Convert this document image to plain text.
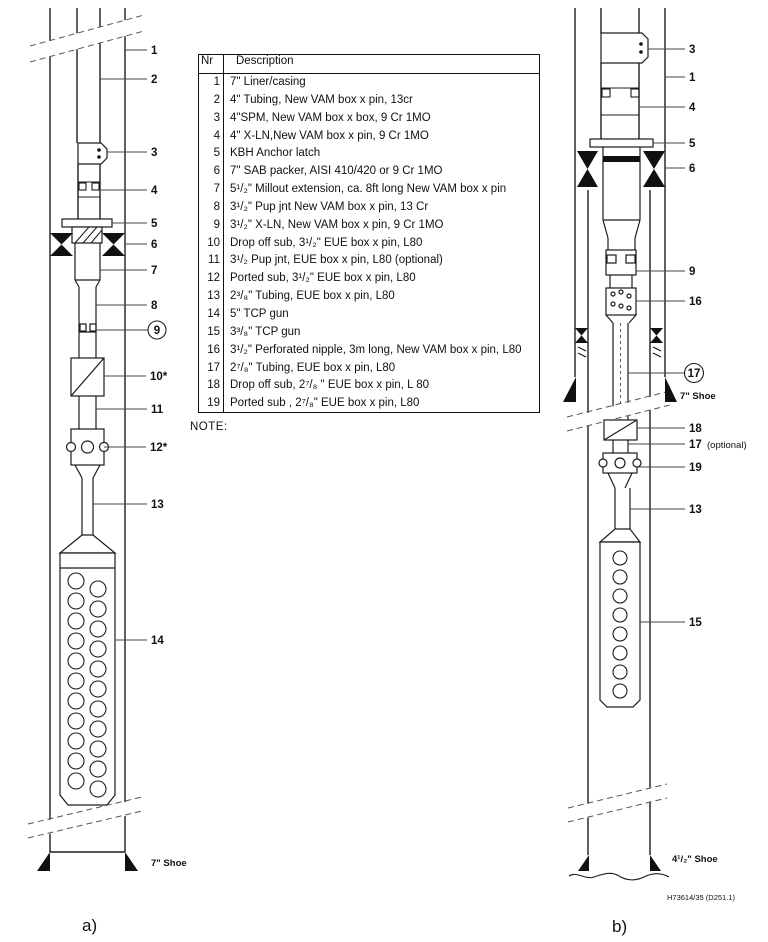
1
2
3
4
5
6
7
8
9
10*
11
12*
13
14
7" Shoe
a)
Nr	Description
1 7" Liner/casing
2 4" Tubing, New VAM box x pin, 13cr
3 4"SPM, New VAM box x box, 9 Cr 1MO
4 4" X-LN,New VAM box x pin, 9 Cr 1MO
5 KBH Anchor latch
6 7" SAB packer, AISI 410/420 or 9 Cr 1MO
7 5¹/₂" Millout extension, ca. 8ft long New VAM box x pin
8 3¹/₂" Pup jnt New VAM box x pin, 13 Cr
9 3¹/₂" X-LN, New VAM box x pin, 9 Cr 1MO
10 Drop off sub, 3¹/₂" EUE box x pin, L80
11 3¹/₂ Pup jnt, EUE box x pin, L80 (optional)
12 Ported sub, 3¹/₂" EUE box x pin, L80
13 2³/₈" Tubing, EUE box x pin, L80
14 5" TCP gun
15 3³/₈" TCP gun
16 3¹/₂" Perforated nipple, 3m long, New VAM box x pin, L80
17 2⁷/₈" Tubing, EUE box x pin, L80
18 Drop off sub, 2⁷/₈ " EUE box x pin, L 80
19 Ported sub , 2⁷/₈" EUE box x pin, L80
NOTE:
3
1
4
5
6
9
16
17
18
17 (optional)
19
13
15
7" Shoe
4¹/₂" Shoe
H73614/35 (D251.1)
b)
